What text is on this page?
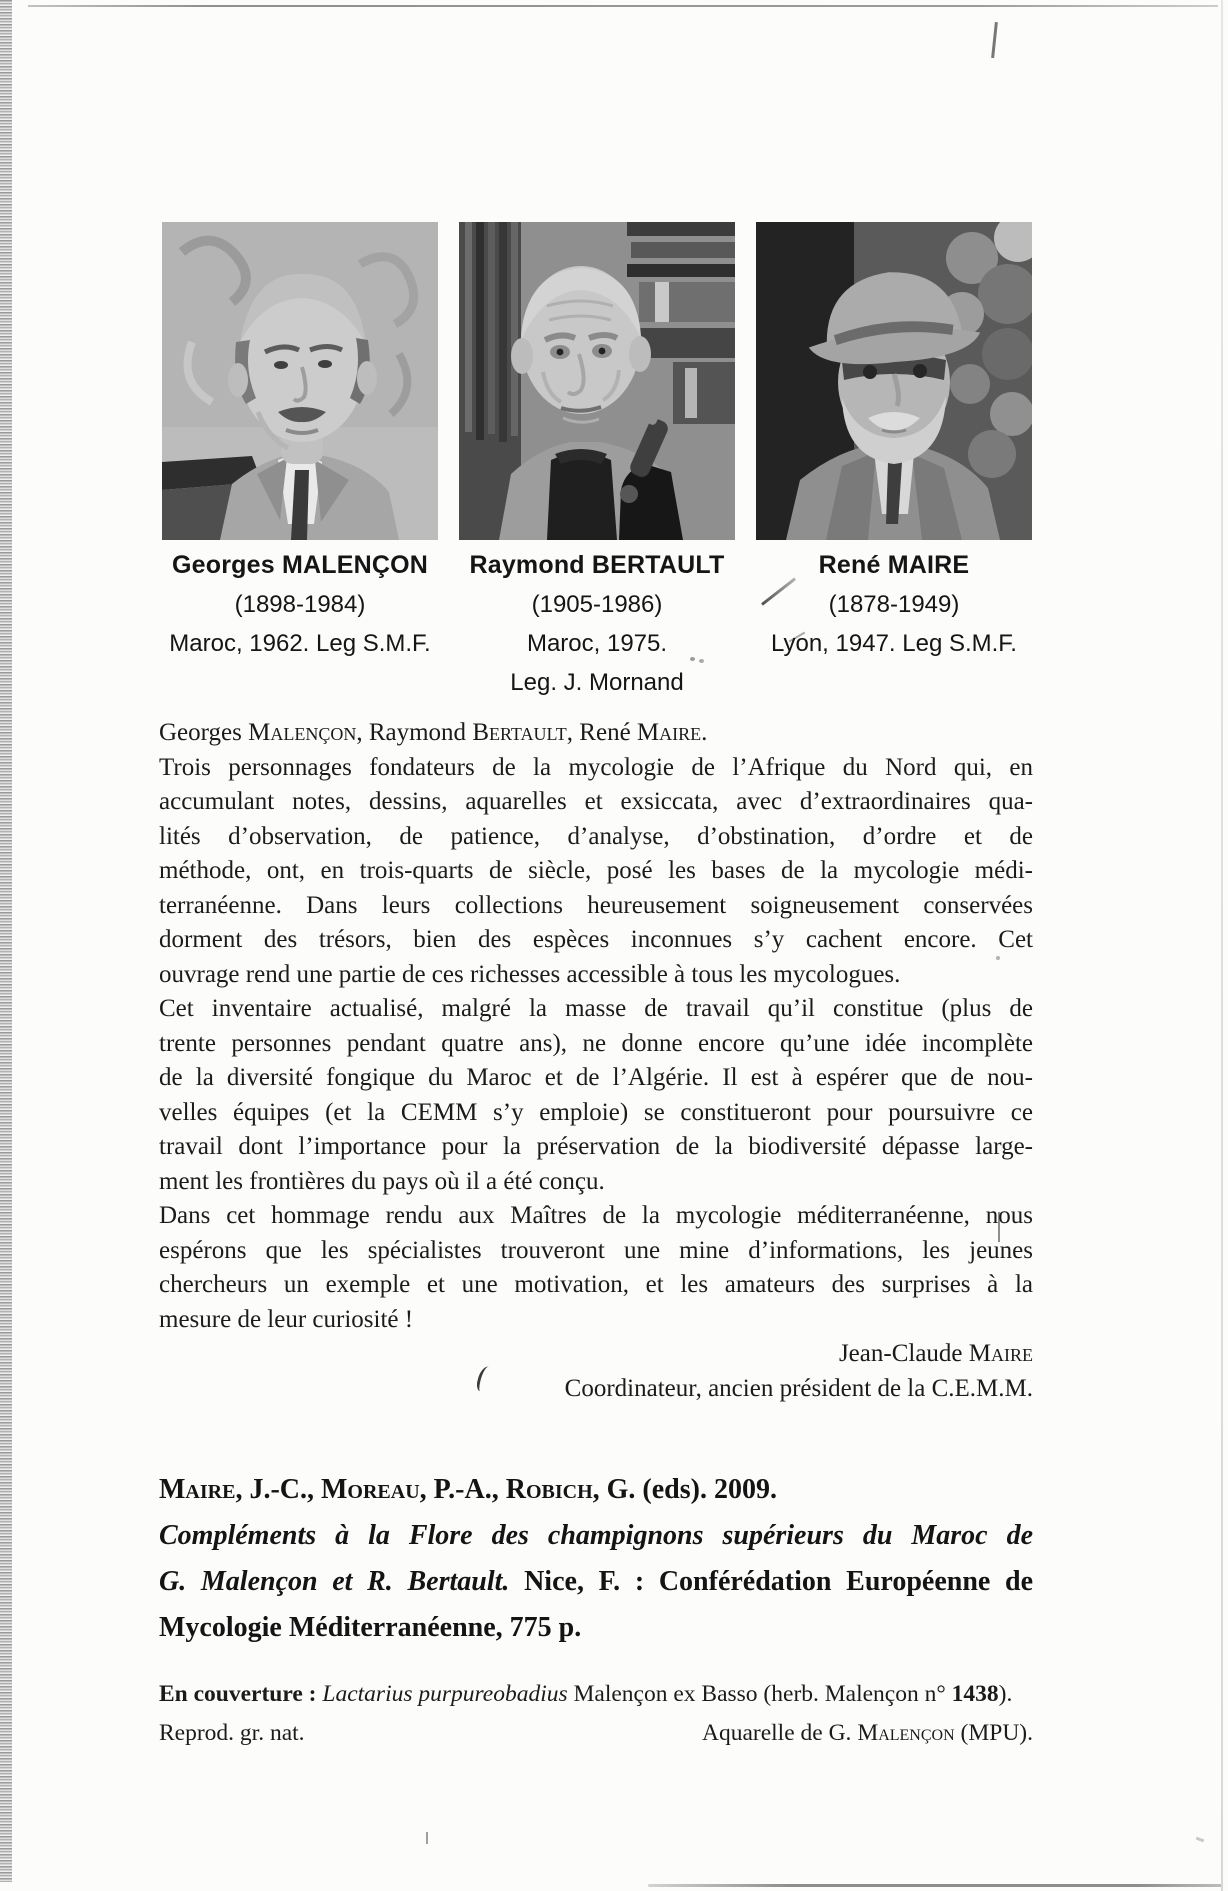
Georges MALENÇON
(1898-1984)
Maroc, 1962. Leg S.M.F.
Raymond BERTAULT
(1905-1986)
Maroc, 1975.
Leg. J. Mornand
René MAIRE
(1878-1949)
Lyon, 1947. Leg S.M.F.
Georges Malençon, Raymond Bertault, René Maire.
Trois personnages fondateurs de la mycologie de l’Afrique du Nord qui, en
accumulant notes, dessins, aquarelles et exsiccata, avec d’extraordinaires qua-
lités d’observation, de patience, d’analyse, d’obstination, d’ordre et de
méthode, ont, en trois-quarts de siècle, posé les bases de la mycologie médi-
terranéenne. Dans leurs collections heureusement soigneusement conservées
dorment des trésors, bien des espèces inconnues s’y cachent encore. Cet
ouvrage rend une partie de ces richesses accessible à tous les mycologues.
Cet inventaire actualisé, malgré la masse de travail qu’il constitue (plus de
trente personnes pendant quatre ans), ne donne encore qu’une idée incomplète
de la diversité fongique du Maroc et de l’Algérie. Il est à espérer que de nou-
velles équipes (et la CEMM s’y emploie) se constitueront pour poursuivre ce
travail dont l’importance pour la préservation de la biodiversité dépasse large-
ment les frontières du pays où il a été conçu.
Dans cet hommage rendu aux Maîtres de la mycologie méditerranéenne, nous
espérons que les spécialistes trouveront une mine d’informations, les jeunes
chercheurs un exemple et une motivation, et les amateurs des surprises à la
mesure de leur curiosité !
Jean-Claude Maire
Coordinateur, ancien président de la C.E.M.M.
Maire, J.-C., Moreau, P.-A., Robich, G. (eds). 2009.
Compléments à la Flore des champignons supérieurs du Maroc de
G. Malençon et R. Bertault. Nice, F. : Conférédation Européenne de
Mycologie Méditerranéenne, 775 p.
En couverture : Lactarius purpureobadius Malençon ex Basso (herb. Malençon n° 1438).
Reprod. gr. nat.	Aquarelle de G. Malençon (MPU).
